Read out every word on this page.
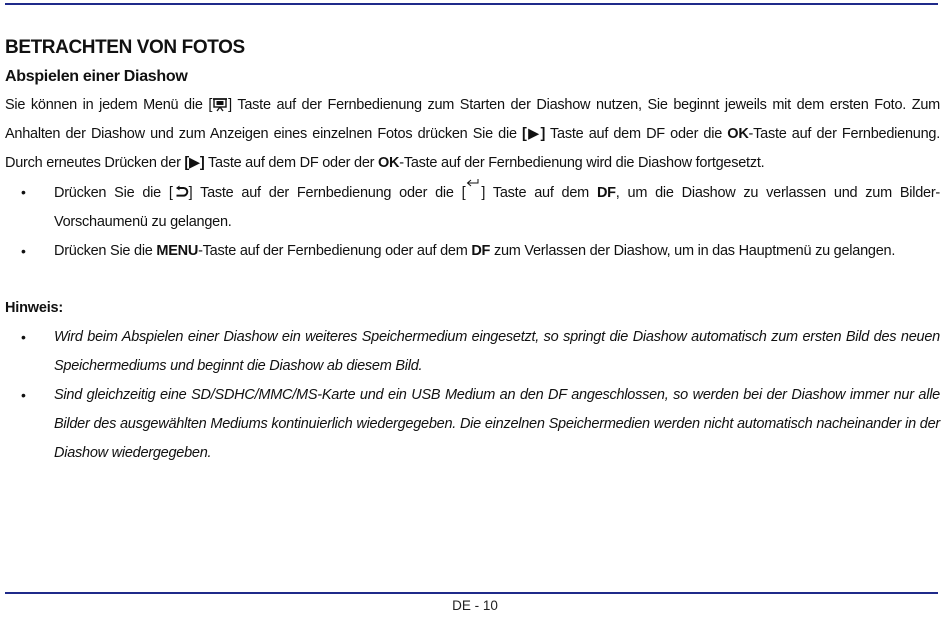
BETRACHTEN VON FOTOS

Abspielen einer Diashow

Sie können in jedem Menü die [ ] Taste auf der Fernbedienung zum Starten der Diashow nutzen, Sie beginnt jeweils mit dem ersten Foto. Zum Anhalten der Diashow und zum Anzeigen eines einzelnen Fotos drücken Sie die [▶] Taste auf dem DF oder die OK-Taste auf der Fernbedienung. Durch erneutes Drücken der [▶] Taste auf dem DF oder der OK-Taste auf der Fernbedienung wird die Diashow fortgesetzt.

• Drücken Sie die [ ] Taste auf der Fernbedienung oder die [ ] Taste auf dem DF, um die Diashow zu verlassen und zum Bilder-Vorschaumenü zu gelangen.
• Drücken Sie die MENU-Taste auf der Fernbedienung oder auf dem DF zum Verlassen der Diashow, um in das Hauptmenü zu gelangen.

Hinweis:

• Wird beim Abspielen einer Diashow ein weiteres Speichermedium eingesetzt, so springt die Diashow automatisch zum ersten Bild des neuen Speichermediums und beginnt die Diashow ab diesem Bild.
• Sind gleichzeitig eine SD/SDHC/MMC/MS-Karte und ein USB Medium an den DF angeschlossen, so werden bei der Diashow immer nur alle Bilder des ausgewählten Mediums kontinuierlich wiedergegeben. Die einzelnen Speichermedien werden nicht automatisch nacheinander in der Diashow wiedergegeben.
DE - 10
